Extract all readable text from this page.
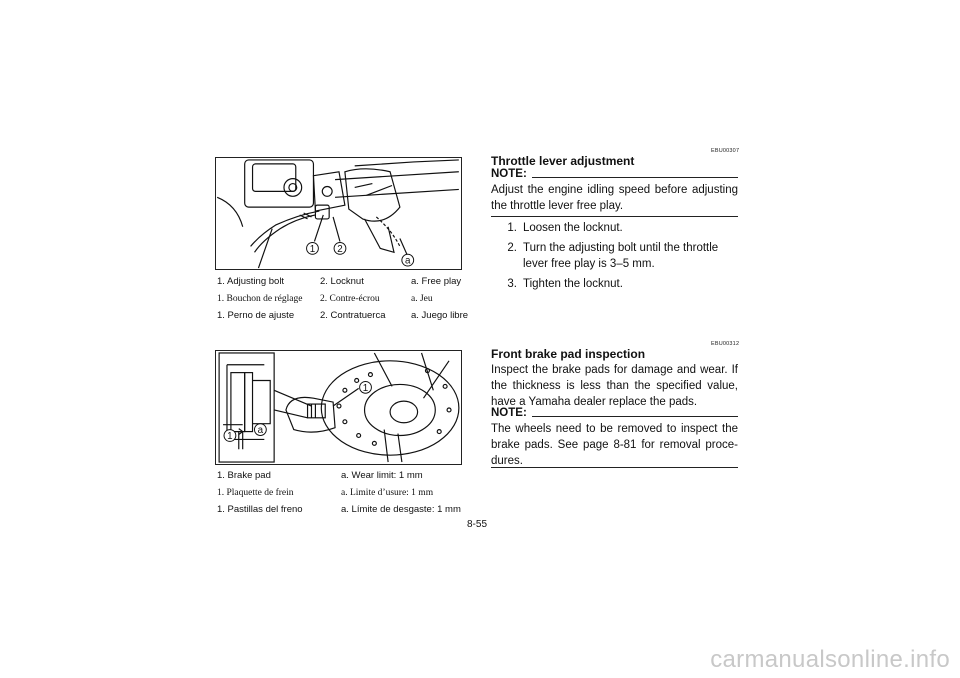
1 2
a
1. Adjusting bolt	2. Locknut	a. Free play
1. Bouchon de réglage	2. Contre-écrou	a. Jeu
1. Perno de ajuste	2. Contratuerca	a. Juego libre
1
1
a
1. Brake pad	a. Wear limit: 1 mm
1. Plaquette de frein	a. Limite d’usure: 1 mm
1. Pastillas del freno	a. Límite de desgaste: 1 mm
EBU00307
Throttle lever adjustment
NOTE:
Adjust the engine idling speed before adjusting the throttle lever free play.
1. Loosen the locknut.
2. Turn the adjusting bolt until the throttle lever free play is 3–5 mm.
3. Tighten the locknut.
EBU00312
Front brake pad inspection
Inspect the brake pads for damage and wear. If the thickness is less than the specified value, have a Yamaha dealer replace the pads.
NOTE:
The wheels need to be removed to inspect the brake pads. See page 8-81 for removal proce-dures.
8-55
carmanualsonline.info
